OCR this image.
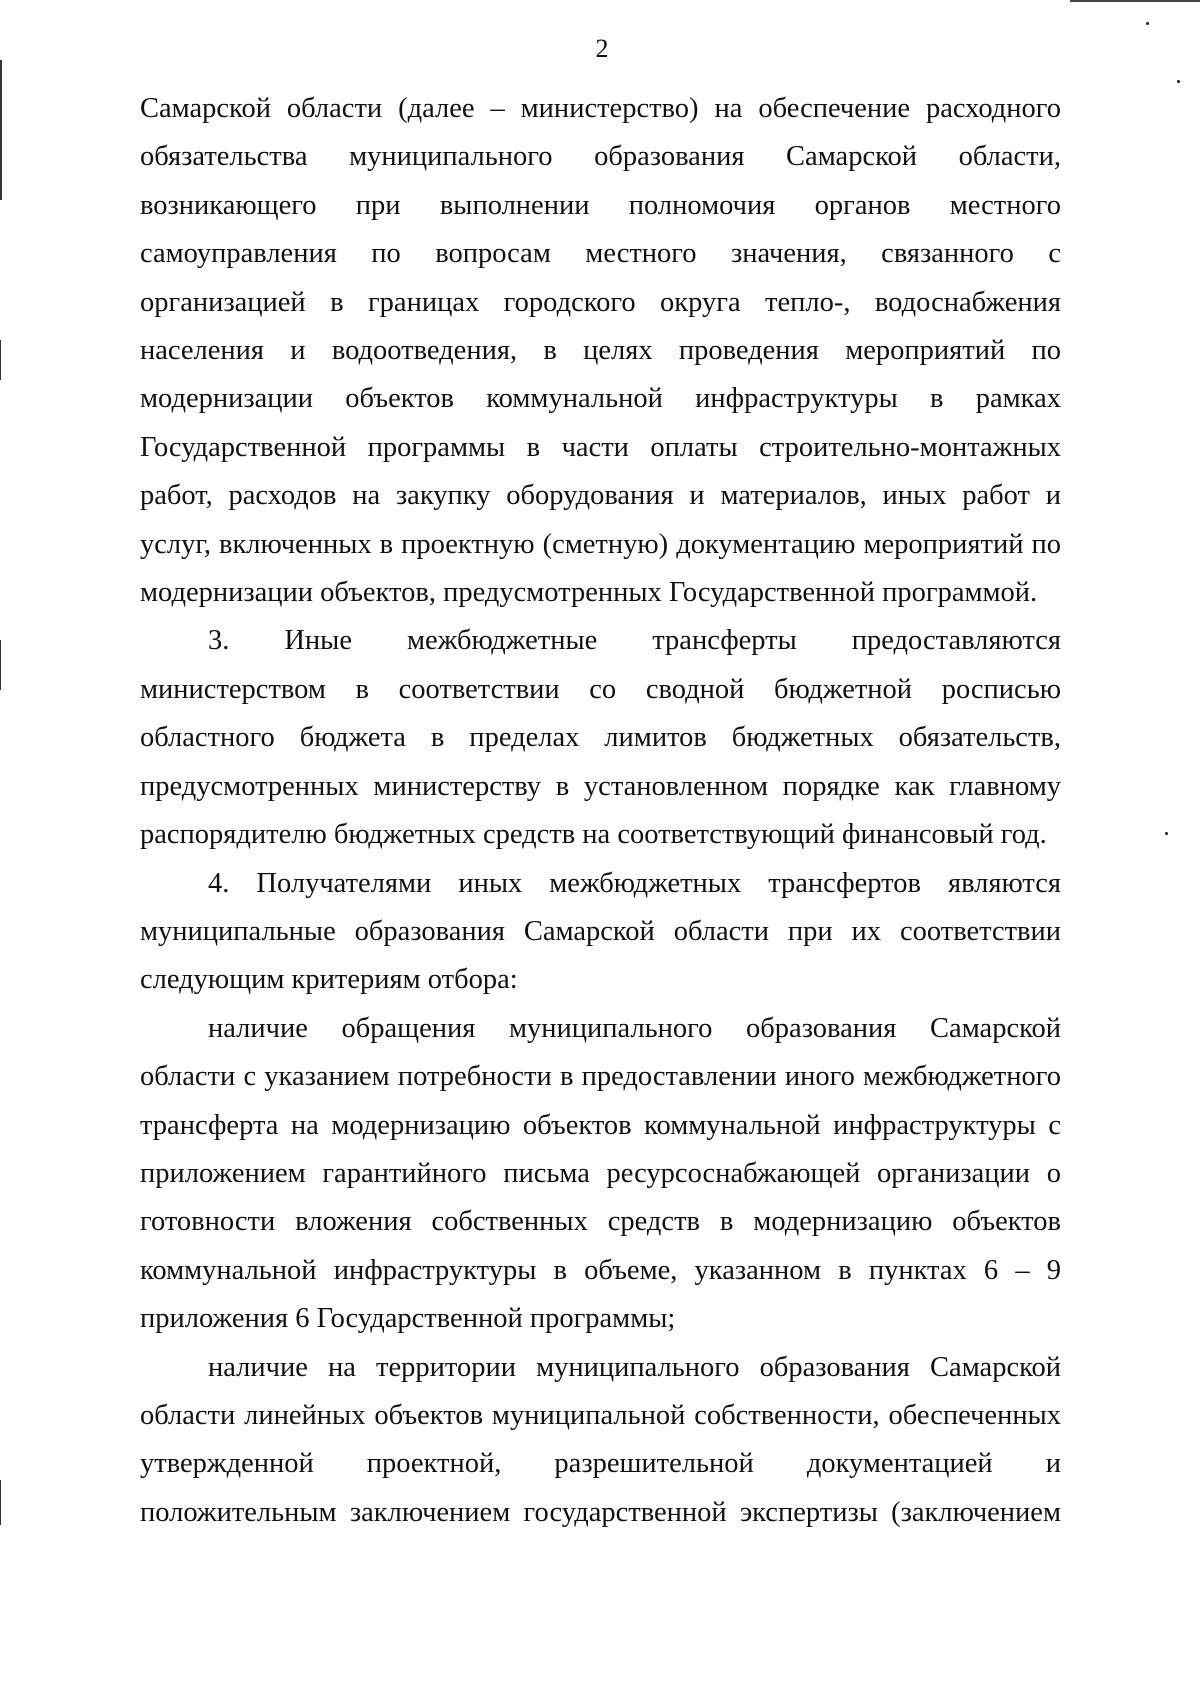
2

Самарской области (далее – министерство) на обеспечение расходного
обязательства муниципального образования Самарской области,
возникающего при выполнении полномочия органов местного
самоуправления по вопросам местного значения, связанного с
организацией в границах городского округа тепло-, водоснабжения
населения и водоотведения, в целях проведения мероприятий по
модернизации объектов коммунальной инфраструктуры в рамках
Государственной программы в части оплаты строительно-монтажных
работ, расходов на закупку оборудования и материалов, иных работ и
услуг, включенных в проектную (сметную) документацию мероприятий по
модернизации объектов, предусмотренных Государственной программой.

3. Иные межбюджетные трансферты предоставляются
министерством в соответствии со сводной бюджетной росписью
областного бюджета в пределах лимитов бюджетных обязательств,
предусмотренных министерству в установленном порядке как главному
распорядителю бюджетных средств на соответствующий финансовый год.

4. Получателями иных межбюджетных трансфертов являются
муниципальные образования Самарской области при их соответствии
следующим критериям отбора:

наличие обращения муниципального образования Самарской
области с указанием потребности в предоставлении иного межбюджетного
трансферта на модернизацию объектов коммунальной инфраструктуры с
приложением гарантийного письма ресурсоснабжающей организации о
готовности вложения собственных средств в модернизацию объектов
коммунальной инфраструктуры в объеме, указанном в пунктах 6 – 9
приложения 6 Государственной программы;

наличие на территории муниципального образования Самарской
области линейных объектов муниципальной собственности, обеспеченных
утвержденной проектной, разрешительной документацией и
положительным заключением государственной экспертизы (заключением
